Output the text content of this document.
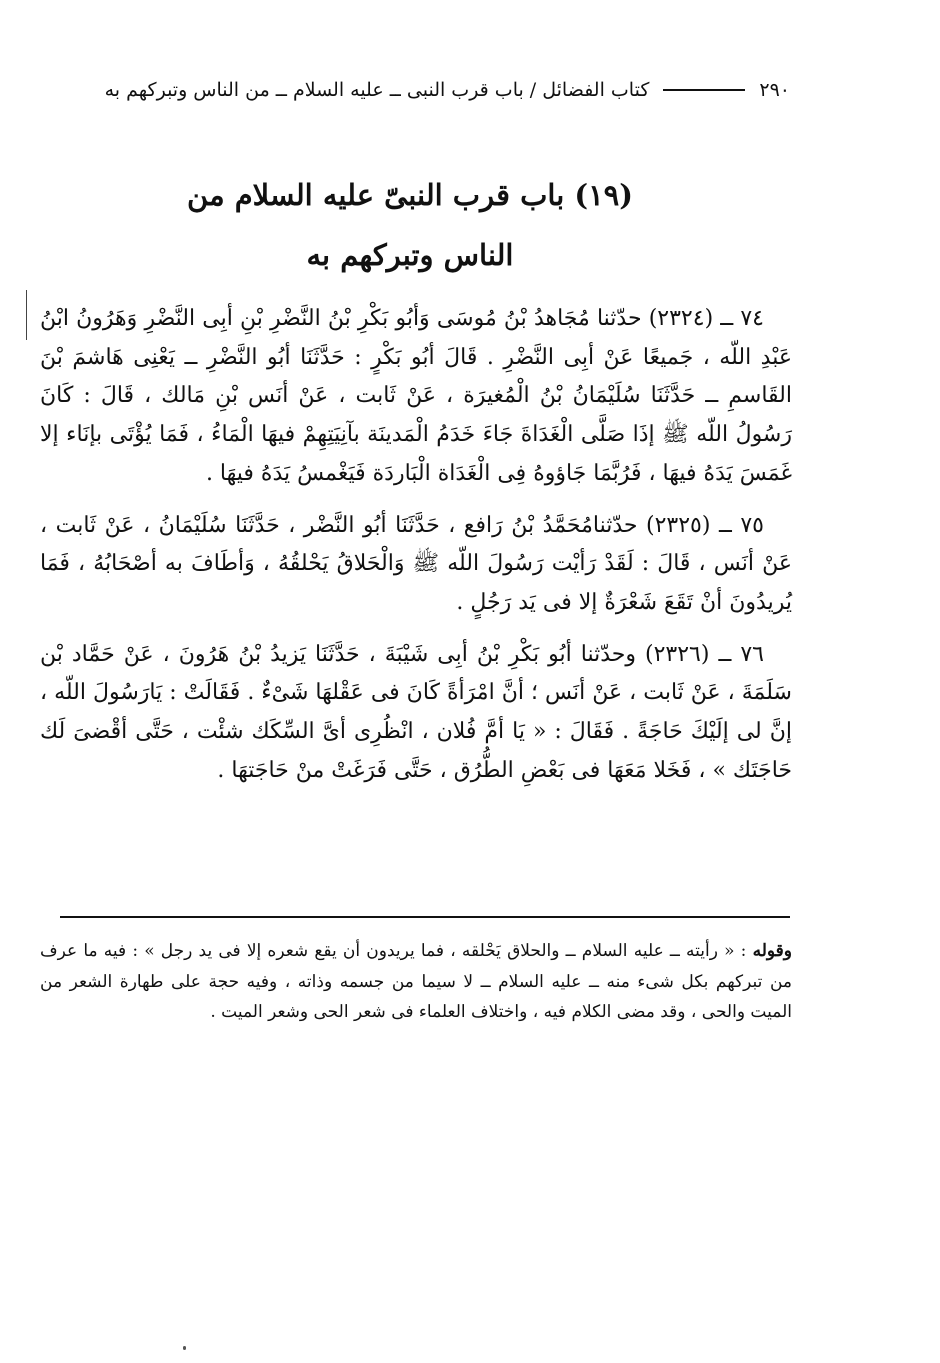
٢٩٠
كتاب الفضائل / باب قرب النبى ــ عليه السلام ــ من الناس وتبركهم به
(١٩) باب قرب النبىّ عليه السلام من
الناس وتبركهم به

٧٤ ــ (٢٣٢٤) حدّثنا مُجَاهدُ بْنُ مُوسَى وَأبُو بَكْرِ بْنُ النَّضْرِ بْنِ أبِى النَّضْرِ وَهَرُونُ ابْنُ عَبْدِ اللّه ، جَميعًا عَنْ أبِى النَّضْرِ . قَالَ أبُو بَكْرٍ : حَدَّثَنَا أبُو النَّضْرِ ــ يَعْنِى هَاشمَ بْنَ القَاسمِ ــ حَدَّثَنَا سُلَيْمَانُ بْنُ الْمُغيرَة ، عَنْ ثَابت ، عَنْ أنَس بْنِ مَالك ، قَالَ : كَانَ رَسُولُ اللّه ﷺ إذَا صَلَّى الْغَدَاةَ جَاءَ خَدَمُ الْمَدينَة بآنِيَتِهِمْ فيهَا الْمَاءُ ، فَمَا يُؤْتَى بإنَاء إلا غَمَسَ يَدَهُ فيهَا ، فَرُبَّمَا جَاؤوهُ فِى الْغَدَاة الْبَاردَة فَيَغْمسُ يَدَهُ فيهَا .

٧٥ ــ (٢٣٢٥) حدّثنامُحَمَّدُ بْنُ رَافع ، حَدَّثَنَا أبُو النَّضْر ، حَدَّثَنَا سُلَيْمَانُ ، عَنْ ثَابت ، عَنْ أنَس ، قَالَ : لَقَدْ رَأيْت رَسُولَ اللّه ﷺ وَالْحَلاقُ يَحْلقُهُ ، وَأطَافَ به أصْحَابُهُ ، فَمَا يُريدُونَ أنْ تَقَعَ شَعْرَةٌ إلا فى يَد رَجُلٍ .

٧٦ ــ (٢٣٢٦) وحدّثنا أبُو بَكْرِ بْنُ أبِى شَيْبَةَ ، حَدَّثَنَا يَزيدُ بْنُ هَرُونَ ، عَنْ حَمَّاد بْن سَلَمَةَ ، عَنْ ثَابت ، عَنْ أنَس ؛ أنَّ امْرَأةً كَانَ فى عَقْلهَا شَىْءٌ . فَقَالَتْ : يَارَسُولَ اللّه ، إنَّ لى إلَيْكَ حَاجَةً . فَقَالَ : « يَا أمَّ فُلان ، انْظُرِى أىَّ السِّكَك شئْت ، حَتَّى أقْضىَ لَك حَاجَتَك » ، فَخَلا مَعَهَا فى بَعْضِ الطُّرُق ، حَتَّى فَرَغَتْ منْ حَاجَتهَا .

وقوله : « رأيته ــ عليه السلام ــ والحلاق يَحْلقه ، فما يريدون أن يقع شعره إلا فى يد رجل » : فيه ما عرف من تبركهم بكل شىء منه ــ عليه السلام ــ لا سيما من جسمه وذاته ، وفيه حجة على طهارة الشعر من الميت والحى ، وقد مضى الكلام فيه ، واختلاف العلماء فى شعر الحى وشعر الميت .
